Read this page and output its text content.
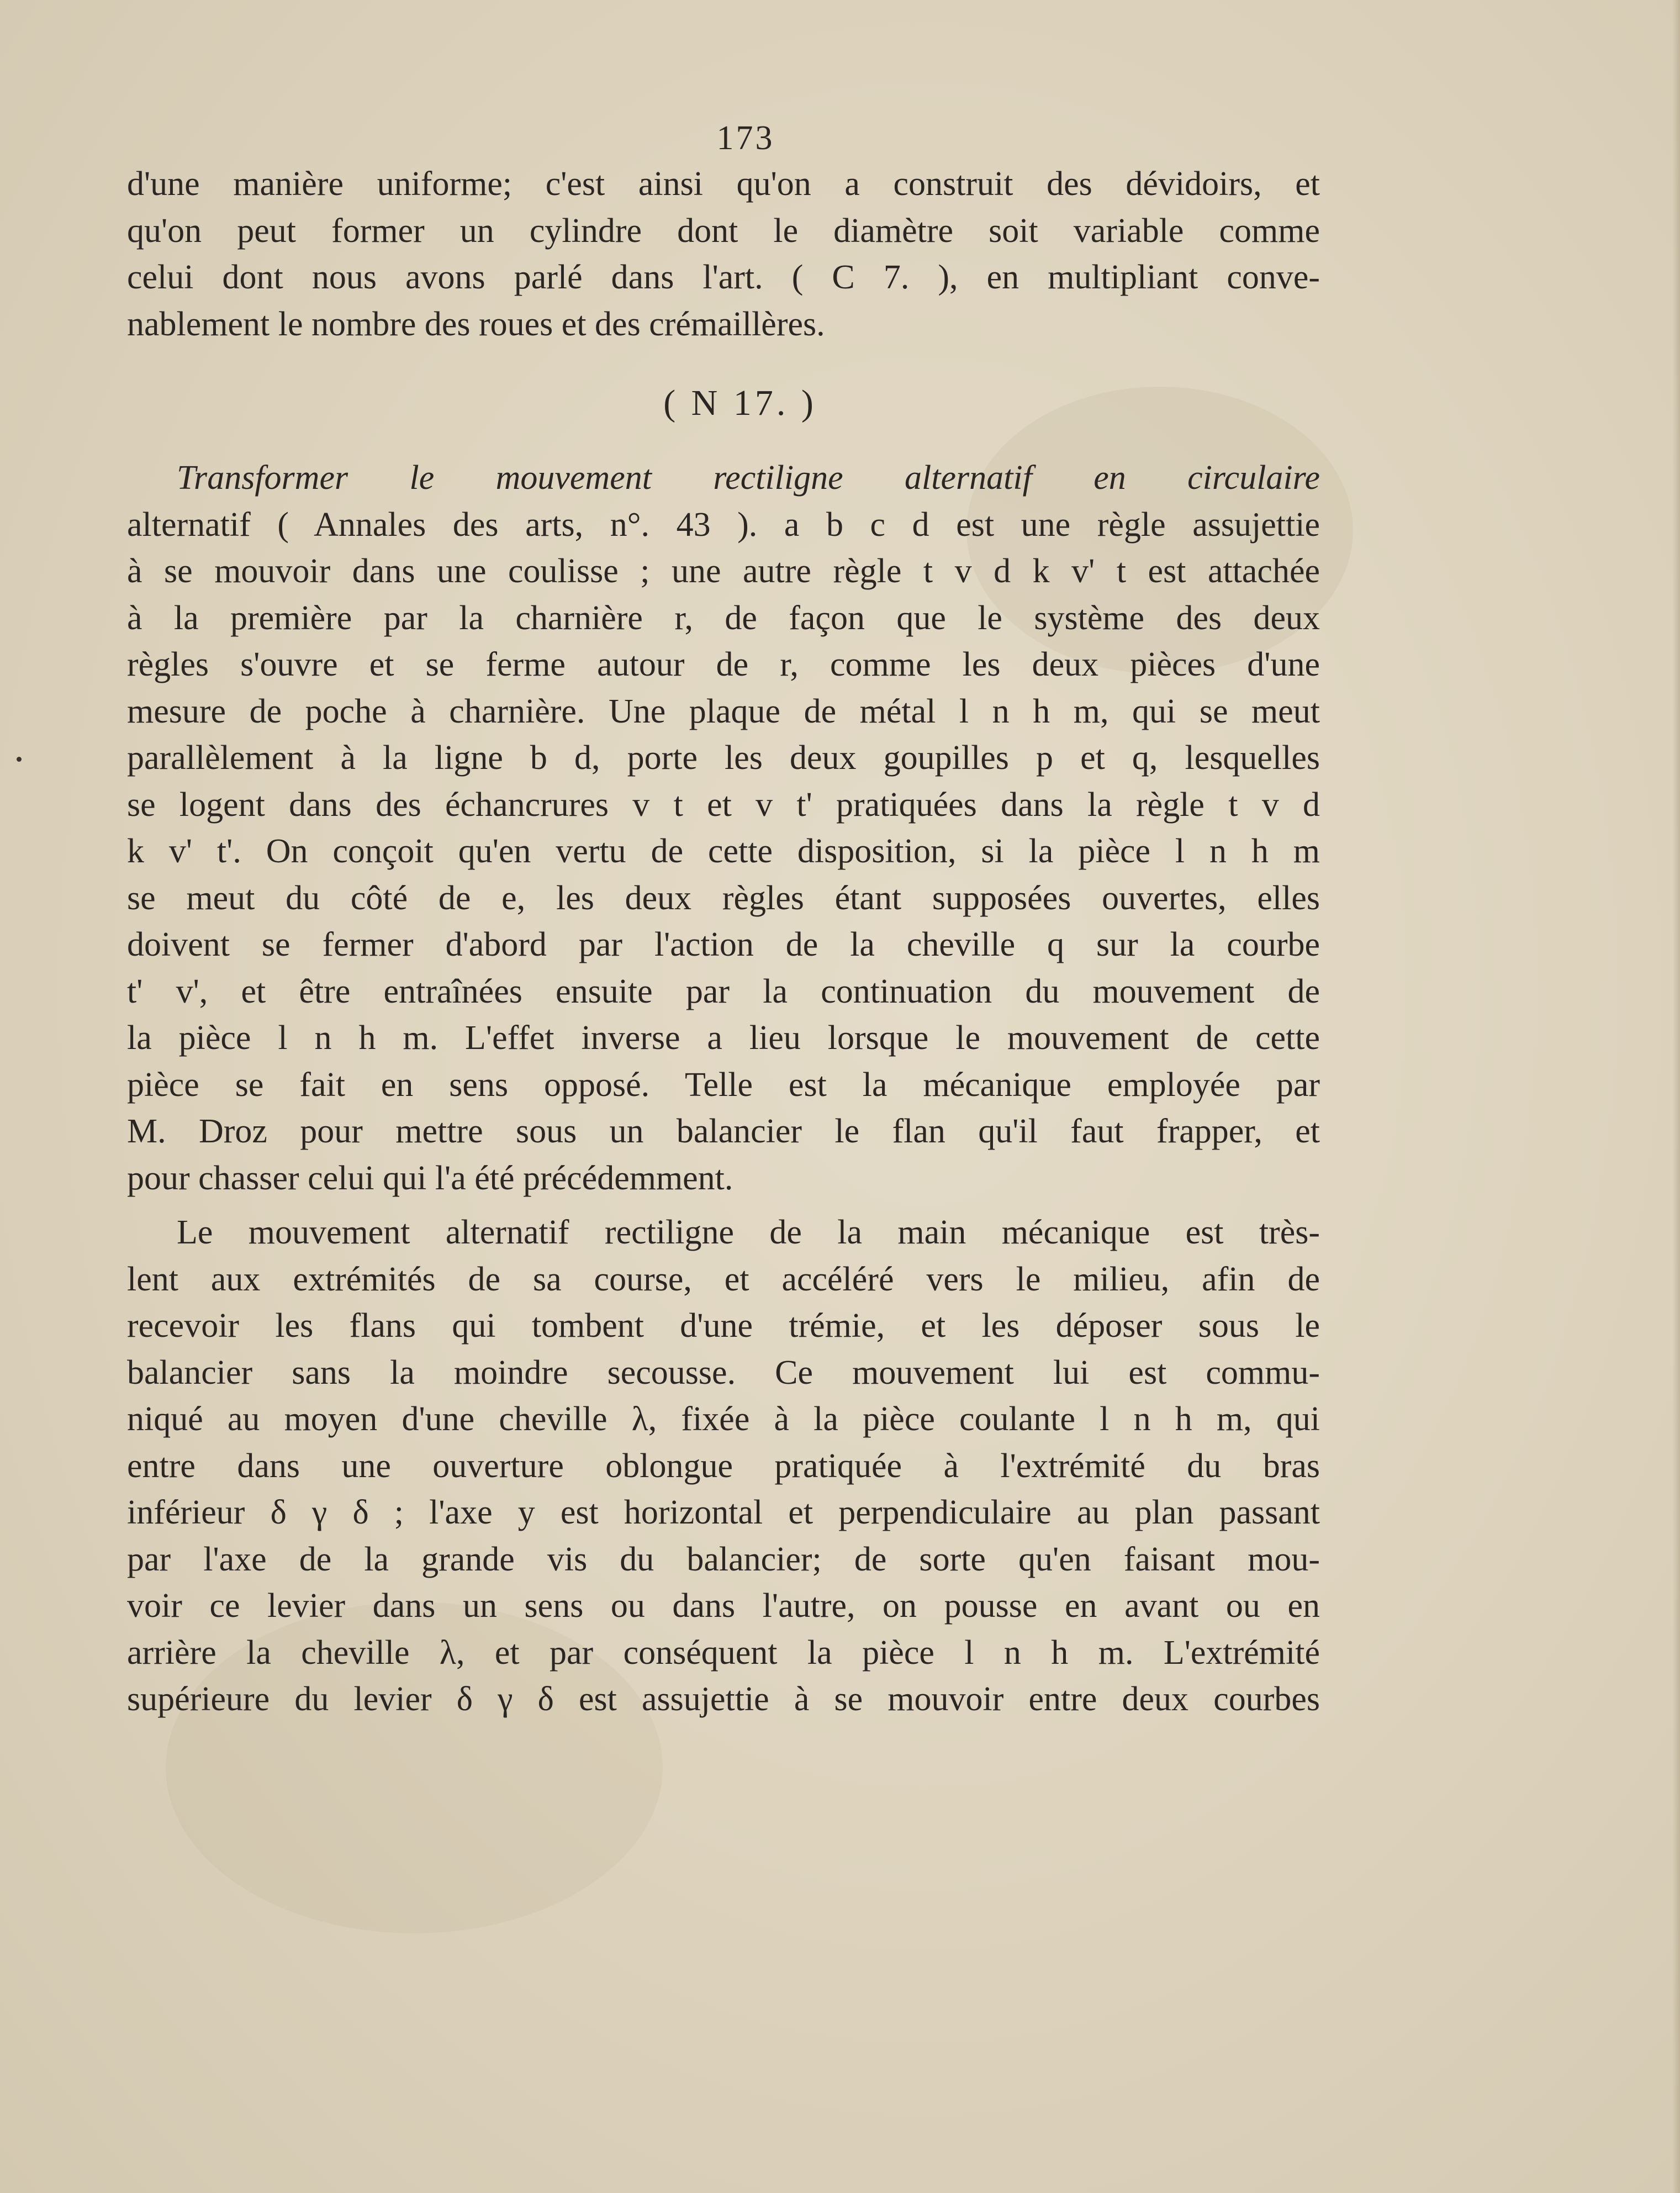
173

d'une manière uniforme; c'est ainsi qu'on a construit des dévidoirs, et
qu'on peut former un cylindre dont le diamètre soit variable comme
celui dont nous avons parlé dans l'art. ( C 7. ), en multipliant conve-
nablement le nombre des roues et des crémaillères.

( N 17. )

Transformer le mouvement rectiligne alternatif en circulaire
alternatif ( Annales des arts, n°. 43 ). a b c d est une règle assujettie
à se mouvoir dans une coulisse ; une autre règle t v d k v' t est attachée
à la première par la charnière r, de façon que le système des deux
règles s'ouvre et se ferme autour de r, comme les deux pièces d'une
mesure de poche à charnière. Une plaque de métal l n h m, qui se meut
parallèlement à la ligne b d, porte les deux goupilles p et q, lesquelles
se logent dans des échancrures v t et v t' pratiquées dans la règle t v d
k v' t'. On conçoit qu'en vertu de cette disposition, si la pièce l n h m
se meut du côté de e, les deux règles étant supposées ouvertes, elles
doivent se fermer d'abord par l'action de la cheville q sur la courbe
t' v', et être entraînées ensuite par la continuation du mouvement de
la pièce l n h m. L'effet inverse a lieu lorsque le mouvement de cette
pièce se fait en sens opposé. Telle est la mécanique employée par
M. Droz pour mettre sous un balancier le flan qu'il faut frapper, et
pour chasser celui qui l'a été précédemment.

Le mouvement alternatif rectiligne de la main mécanique est très-
lent aux extrémités de sa course, et accéléré vers le milieu, afin de
recevoir les flans qui tombent d'une trémie, et les déposer sous le
balancier sans la moindre secousse. Ce mouvement lui est commu-
niqué au moyen d'une cheville λ, fixée à la pièce coulante l n h m, qui
entre dans une ouverture oblongue pratiquée à l'extrémité du bras
inférieur δ γ δ ; l'axe y est horizontal et perpendiculaire au plan passant
par l'axe de la grande vis du balancier; de sorte qu'en faisant mou-
voir ce levier dans un sens ou dans l'autre, on pousse en avant ou en
arrière la cheville λ, et par conséquent la pièce l n h m. L'extrémité
supérieure du levier δ γ δ est assujettie à se mouvoir entre deux courbes
